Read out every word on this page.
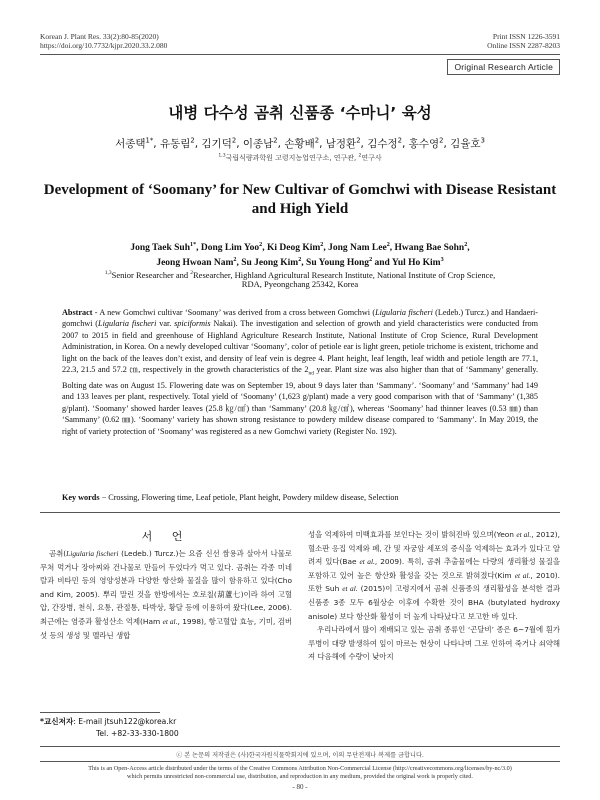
Korean J. Plant Res. 33(2):80-85(2020)
https://doi.org/10.7732/kjpr.2020.33.2.080
Print ISSN 1226-3591
Online ISSN 2287-8203
Original Research Article
내병 다수성 곰취 신품종 ‘수마니’ 육성
서종택$^{1*}$, 유동림$^2$, 김기덕$^2$, 이종남$^2$, 손황배$^2$, 남정환$^2$, 김수정$^2$, 홍수영$^2$, 김율호$^3$
$^{1,3}$국립식량과학원 고령지농업연구소, 연구관, $^2$연구사
Development of ‘Soomany’ for New Cultivar of Gomchwi with Disease Resistant and High Yield
Jong Taek Suh$^{1*}$, Dong Lim Yoo$^2$, Ki Deog Kim$^2$, Jong Nam Lee$^2$, Hwang Bae Sohn$^2$,
Jeong Hwoan Nam$^2$, Su Jeong Kim$^2$, Su Young Hong$^2$ and Yul Ho Kim$^3$
$^{1,3}$Senior Researcher and $^2$Researcher, Highland Agricultural Research Institute, National Institute of Crop Science,
RDA, Pyeongchang 25342, Korea
Abstract - A new Gomchwi cultivar ‘Soomany’ was derived from a cross between Gomchwi (Ligularia fischeri (Ledeb.) Turcz.) and Handaeri-gomchwi (Ligularia fischeri var. spiciformis Nakai). The investigation and selection of growth and yield characteristics were conducted from 2007 to 2015 in field and greenhouse of Highland Agriculture Research Institute, National Institute of Crop Science, Rural Development Administration, in Korea. On a newly developed cultivar ‘Soomany’, color of petiole ear is light green, petiole trichome is existent, trichome and light on the back of the leaves don’t exist, and density of leaf vein is degree 4. Plant height, leaf length, leaf width and petiole length are 77.1, 22.3, 21.5 and 57.2 ㎝, respectively in the growth characteristics of the $2_{nd}$ year. Plant size was also higher than that of ‘Sammany’ generally. Bolting date was on August 15. Flowering date was on September 19, about 9 days later than ‘Sammany’. ‘Soomany’ and ‘Sammany’ had 149 and 133 leaves per plant, respectively. Total yield of ‘Soomany’ (1,623 g/plant) made a very good comparison with that of ‘Sammany’ (1,385 g/plant). ‘Soomany’ showed harder leaves (25.8 ㎏/㎠) than ‘Sammany’ (20.8 ㎏/㎠), whereas ‘Soomany’ had thinner leaves (0.53 ㎜) than ‘Sammany’ (0.62 ㎜). ‘Soomany’ variety has shown strong resistance to powdery mildew disease compared to ‘Sammany’. In May 2019, the right of variety protection of ‘Soomany’ was registered as a new Gomchwi variety (Register No. 192).
Key words − Crossing, Flowering time, Leaf petiole, Plant height, Powdery mildew disease, Selection
서 언
곰취(Ligularia fischeri (Ledeb.) Turcz.)는 요즘 신선 쌈용과 살아서 나물로 무쳐 먹거나 장아찌와 건나물로 만들어 두었다가 먹고 있다. 곰취는 각종 미네랄과 비타민 등의 영양성분과 다양한 항산화 물질을 많이 함유하고 있다(Cho and Kim, 2005). 뿌리 말린 것을 한방에서는 호로칠(葫蘆七)이라 하여 고혈압, 간장병, 천식, 요통, 관절통, 타박상, 황달 등에 이용하여 왔다(Lee, 2006). 최근에는 염증과 활성산소 억제(Ham et al., 1998), 항고혈압 효능, 기미, 검버섯 등의 생성 및 멜라닌 생합
성을 억제하여 미백효과를 보인다는 것이 밝혀진바 있으며(Yeon et al., 2012), 혈소판 응집 억제와 폐, 간 및 자궁암 세포의 증식을 억제하는 효과가 있다고 알려져 있다(Bae et al., 2009). 특히, 곰취 추출물에는 다량의 생리활성 물질을 포함하고 있어 높은 항산화 활성을 갖는 것으로 밝혀졌다(Kim et al., 2010). 또한 Suh et al. (2015)이 고령지에서 곰취 신품종의 생리활성을 분석한 결과 신품종 3종 모두 6월상순 이후에 수확한 것이 BHA (butylated hydroxy anisole) 보다 항산화 활성이 더 높게 나타났다고 보고한 바 있다.
우리나라에서 많이 재배되고 있는 곰취 종류인 ‘곤달비’ 종은 6~7월에 흰가루병이 대량 발생하여 잎이 마르는 현상이 나타나며 그로 인하여 죽거나 쇠약해져 다음해에 수량이 낮아지
*교신저자: E-mail jtsuh122@korea.kr
Tel. +82-33-330-1800
ⓒ 본 논문의 저작권은 (사)한국자원식물학회지에 있으며, 이의 무단전재나 복제를 금합니다.
This is an Open-Access article distributed under the terms of the Creative Commons Attribution Non-Commercial License (http://creativecommons.org/licenses/by-nc/3.0)
which permits unrestricted non-commercial use, distribution, and reproduction in any medium, provided the original work is properly cited.
- 80 -
